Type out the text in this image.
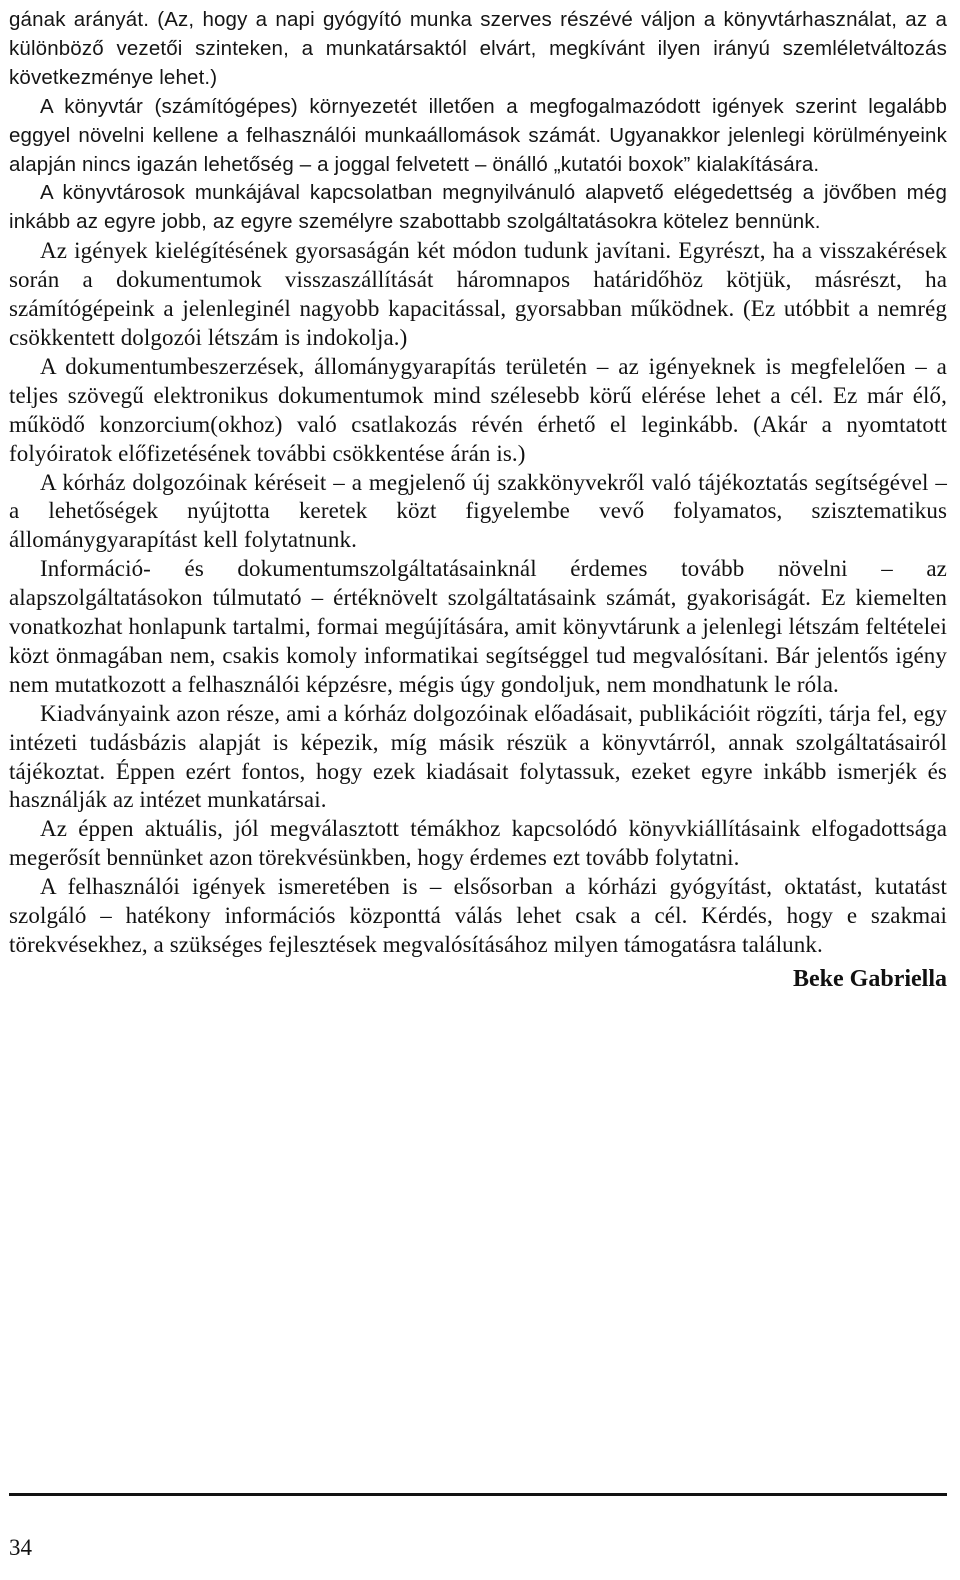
gának arányát. (Az, hogy a napi gyógyító munka szerves részévé váljon a könyvtárhasználat, az a különböző vezetői szinteken, a munkatársaktól elvárt, megkívánt ilyen irányú szemléletváltozás következménye lehet.)

A könyvtár (számítógépes) környezetét illetően a megfogalmazódott igények szerint legalább eggyel növelni kellene a felhasználói munkaállomások számát. Ugyanakkor jelenlegi körülményeink alapján nincs igazán lehetőség – a joggal felvetett – önálló „kutatói boxok” kialakítására.

A könyvtárosok munkájával kapcsolatban megnyilvánuló alapvető elégedettség a jövőben még inkább az egyre jobb, az egyre személyre szabottabb szolgáltatásokra kötelez bennünk.

Az igények kielégítésének gyorsaságán két módon tudunk javítani. Egyrészt, ha a visszakérések során a dokumentumok visszaszállítását háromnapos határidőhöz kötjük, másrészt, ha számítógépeink a jelenleginél nagyobb kapacitással, gyorsabban működnek. (Ez utóbbit a nemrég csökkentett dolgozói létszám is indokolja.)

A dokumentumbeszerzések, állománygyarapítás területén – az igényeknek is megfelelően – a teljes szövegű elektronikus dokumentumok mind szélesebb körű elérése lehet a cél. Ez már élő, működő konzorcium(okhoz) való csatlakozás révén érhető el leginkább. (Akár a nyomtatott folyóiratok előfizetésének további csökkentése árán is.)

A kórház dolgozóinak kéréseit – a megjelenő új szakkönyvekről való tájékoztatás segítségével – a lehetőségek nyújtotta keretek közt figyelembe vevő folyamatos, szisztematikus állománygyarapítást kell folytatnunk.

Információ- és dokumentumszolgáltatásainknál érdemes tovább növelni – az alapszolgáltatásokon túlmutató – értéknövelt szolgáltatásaink számát, gyakoriságát. Ez kiemelten vonatkozhat honlapunk tartalmi, formai megújítására, amit könyvtárunk a jelenlegi létszám feltételei közt önmagában nem, csakis komoly informatikai segítséggel tud megvalósítani. Bár jelentős igény nem mutatkozott a felhasználói képzésre, mégis úgy gondoljuk, nem mondhatunk le róla.

Kiadványaink azon része, ami a kórház dolgozóinak előadásait, publikációit rögzíti, tárja fel, egy intézeti tudásbázis alapját is képezik, míg másik részük a könyvtárról, annak szolgáltatásairól tájékoztat. Éppen ezért fontos, hogy ezek kiadásait folytassuk, ezeket egyre inkább ismerjék és használják az intézet munkatársai.

Az éppen aktuális, jól megválasztott témákhoz kapcsolódó könyvkiállításaink elfogadottsága megerősít bennünket azon törekvésünkben, hogy érdemes ezt tovább folytatni.

A felhasználói igények ismeretében is – elsősorban a kórházi gyógyítást, oktatást, kutatást szolgáló – hatékony információs központtá válás lehet csak a cél. Kérdés, hogy e szakmai törekvésekhez, a szükséges fejlesztések megvalósításához milyen támogatásra találunk.

Beke Gabriella

34
